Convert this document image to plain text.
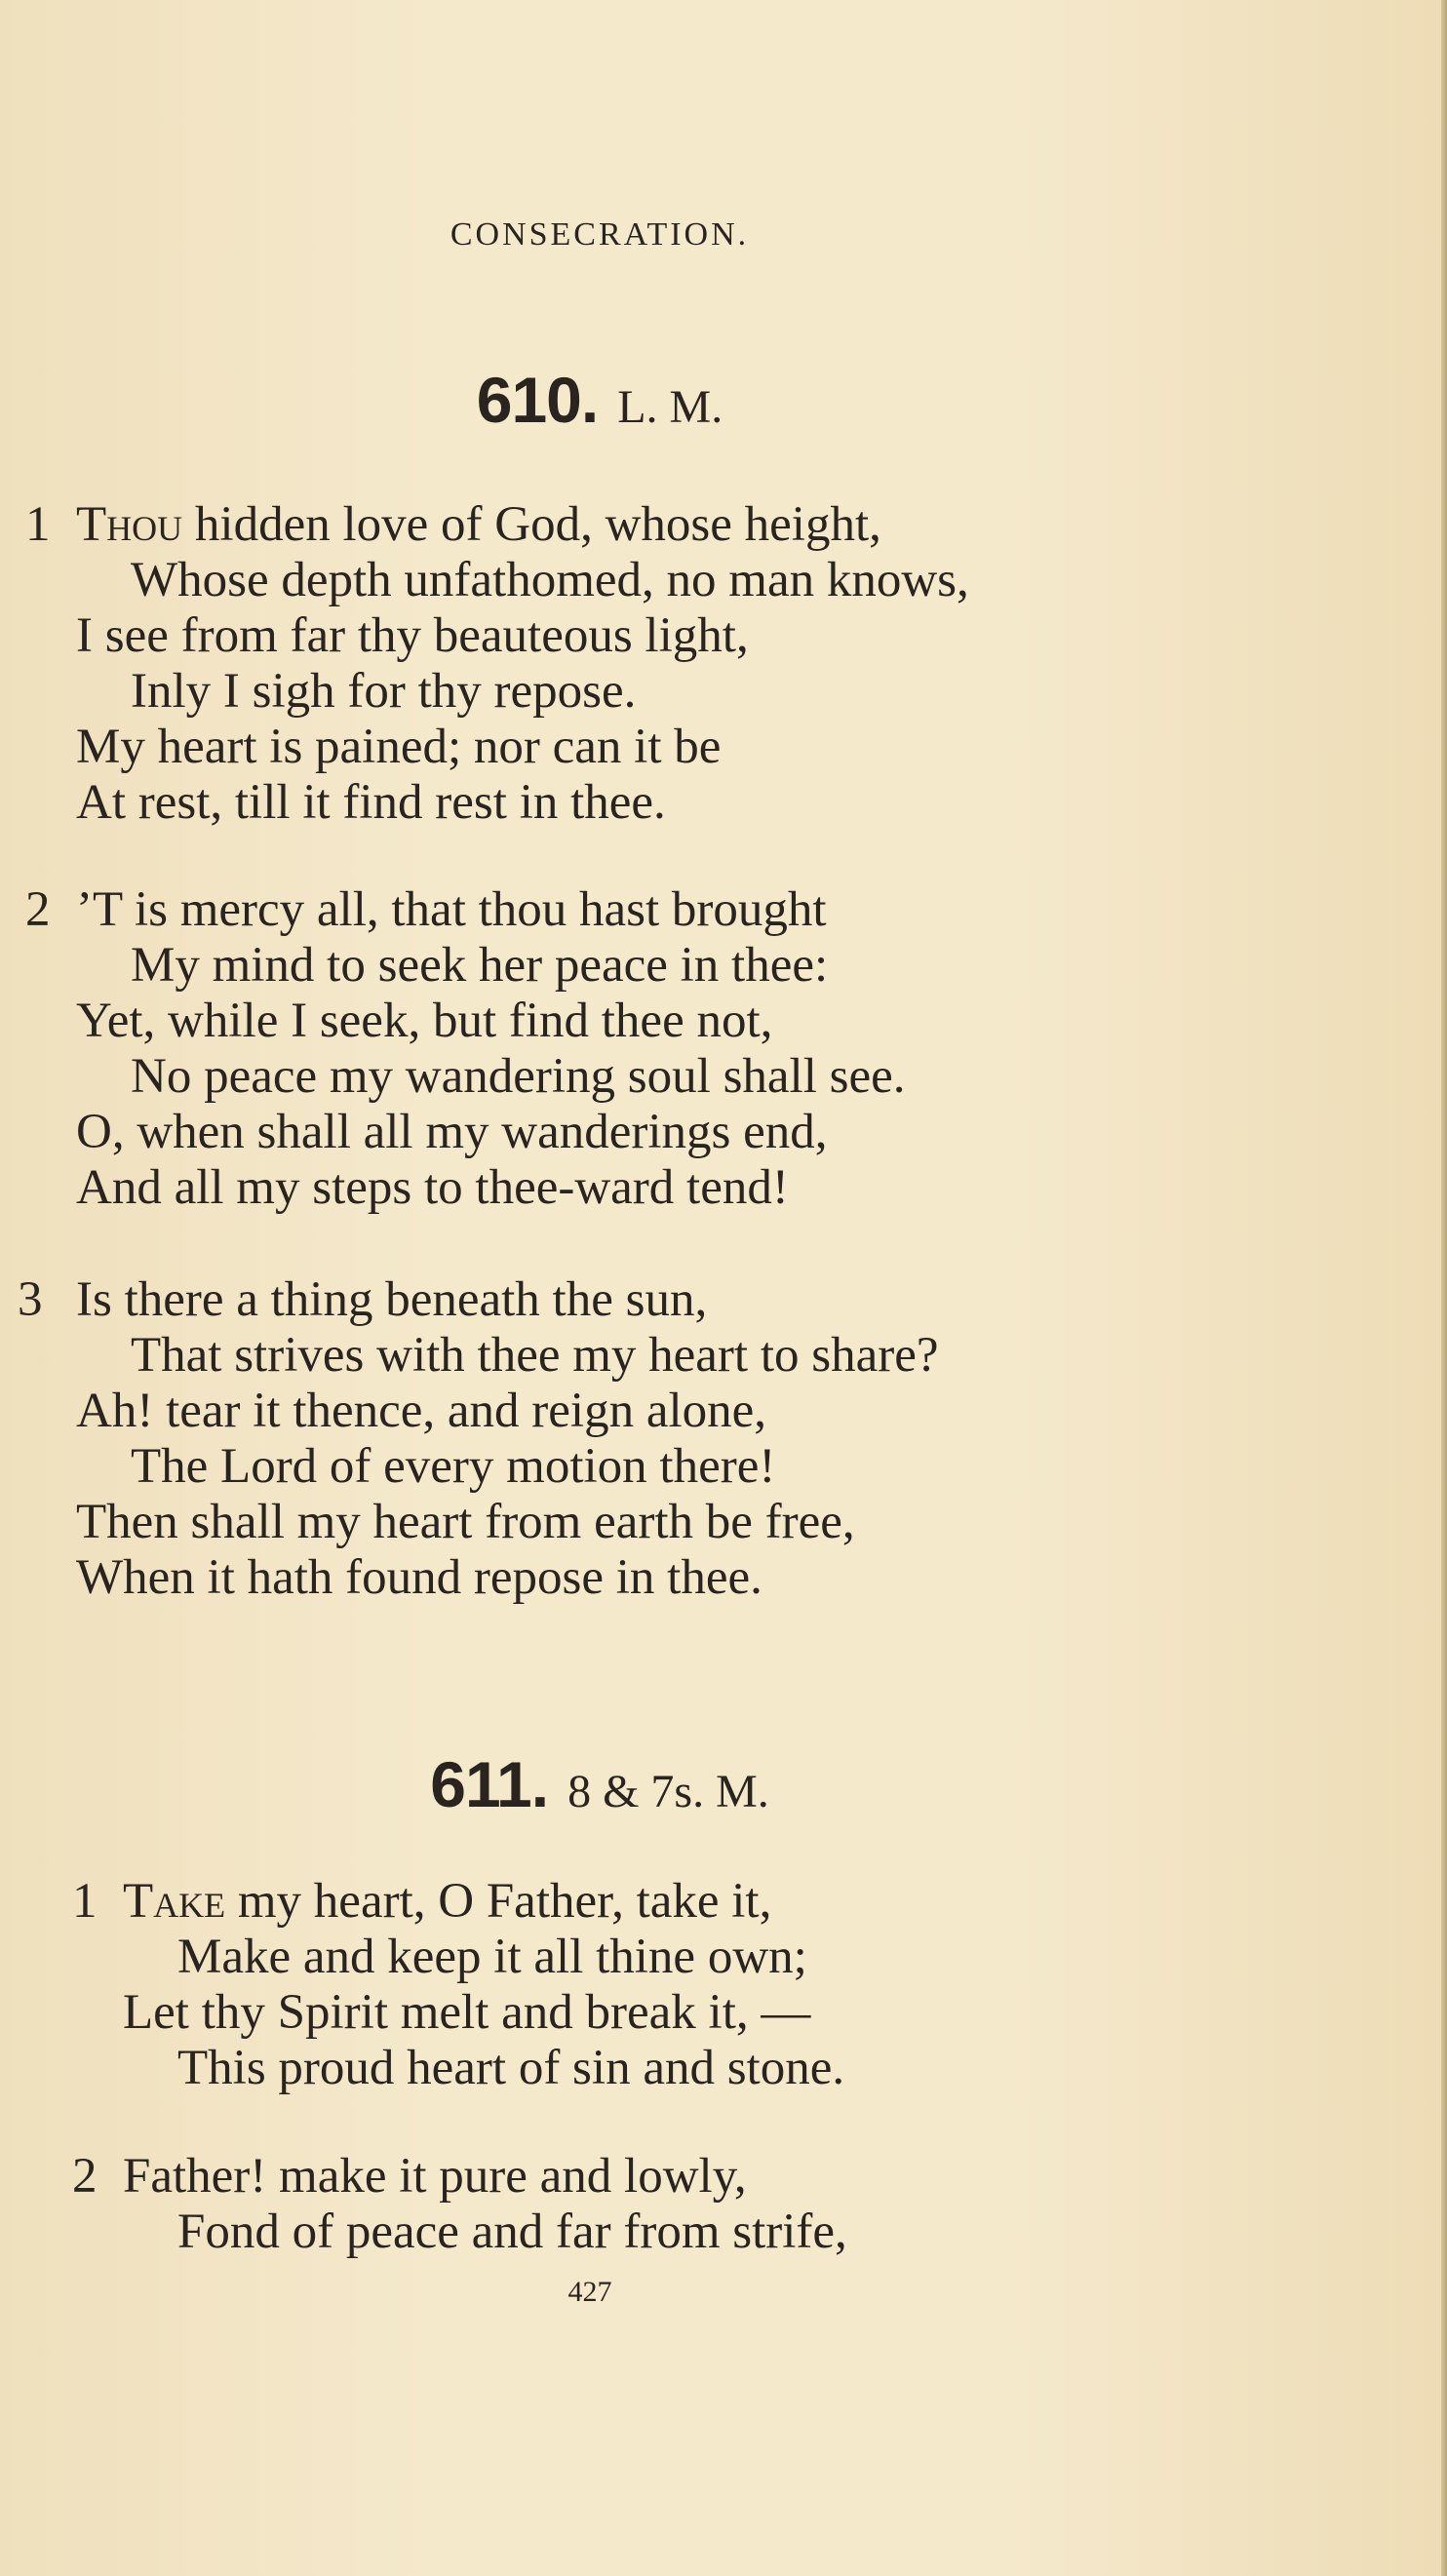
CONSECRATION.
610. L. M.
1 Thou hidden love of God, whose height,
Whose depth unfathomed, no man knows,
I see from far thy beauteous light,
Inly I sigh for thy repose.
My heart is pained; nor can it be
At rest, till it find rest in thee.
2 ’T is mercy all, that thou hast brought
My mind to seek her peace in thee:
Yet, while I seek, but find thee not,
No peace my wandering soul shall see.
O, when shall all my wanderings end,
And all my steps to thee-ward tend!
3 Is there a thing beneath the sun,
That strives with thee my heart to share?
Ah! tear it thence, and reign alone,
The Lord of every motion there!
Then shall my heart from earth be free,
When it hath found repose in thee.
611. 8 & 7s. M.
1 Take my heart, O Father, take it,
Make and keep it all thine own;
Let thy Spirit melt and break it, —
This proud heart of sin and stone.
2 Father! make it pure and lowly,
Fond of peace and far from strife,
427
